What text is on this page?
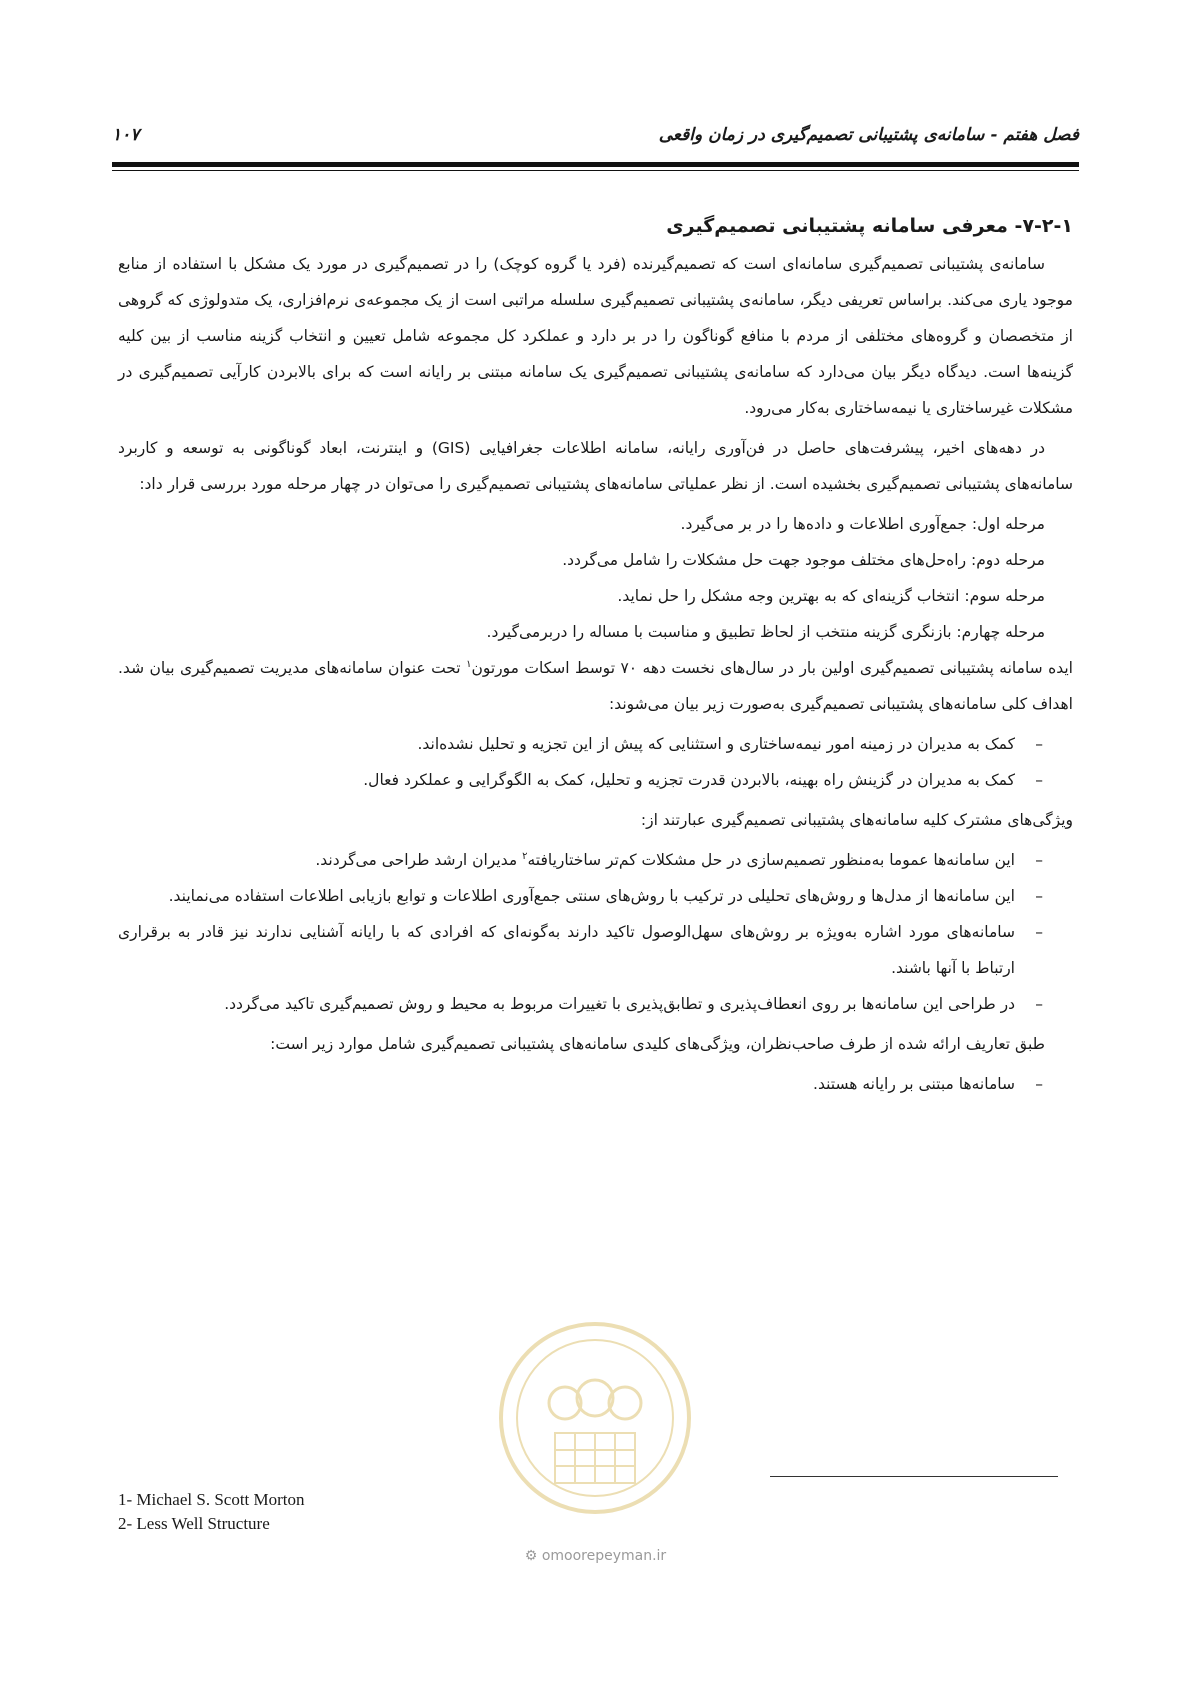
فصل هفتم - سامانه‌ی پشتیبانی تصمیم‌گیری در زمان واقعی
۱۰۷

۷-۲-۱- معرفی سامانه پشتیبانی تصمیم‌گیری

سامانه‌ی پشتیبانی تصمیم‌گیری سامانه‌ای است که تصمیم‌گیرنده (فرد یا گروه کوچک) را در تصمیم‌گیری در مورد یک مشکل با استفاده از منابع موجود یاری می‌کند. براساس تعریفی دیگر، سامانه‌ی پشتیبانی تصمیم‌گیری سلسله مراتبی است از یک مجموعه‌ی نرم‌افزاری، یک متدولوژی که گروهی از متخصصان و گروه‌های مختلفی از مردم با منافع گوناگون را در بر دارد و عملکرد کل مجموعه شامل تعیین و انتخاب گزینه مناسب از بین کلیه گزینه‌ها است. دیدگاه دیگر بیان می‌دارد که سامانه‌ی پشتیبانی تصمیم‌گیری یک سامانه مبتنی بر رایانه است که برای بالابردن کارآیی تصمیم‌گیری در مشکلات غیرساختاری یا نیمه‌ساختاری به‌کار می‌رود.

در دهه‌های اخیر، پیشرفت‌های حاصل در فن‌آوری رایانه، سامانه اطلاعات جغرافیایی (GIS) و اینترنت، ابعاد گوناگونی به توسعه و کاربرد سامانه‌های پشتیبانی تصمیم‌گیری بخشیده است. از نظر عملیاتی سامانه‌های پشتیبانی تصمیم‌گیری را می‌توان در چهار مرحله مورد بررسی قرار داد:

مرحله اول: جمع‌آوری اطلاعات و داده‌ها را در بر می‌گیرد.

مرحله دوم: راه‌حل‌های مختلف موجود جهت حل مشکلات را شامل می‌گردد.

مرحله سوم: انتخاب گزینه‌ای که به بهترین وجه مشکل را حل نماید.

مرحله چهارم: بازنگری گزینه منتخب از لحاظ تطبیق و مناسبت با مساله را دربرمی‌گیرد.

ایده سامانه پشتیبانی تصمیم‌گیری اولین بار در سال‌های نخست دهه ۷۰ توسط اسکات مورتون$^۱$ تحت عنوان سامانه‌های مدیریت تصمیم‌گیری بیان شد. اهداف کلی سامانه‌های پشتیبانی تصمیم‌گیری به‌صورت زیر بیان می‌شوند:

– کمک به مدیران در زمینه امور نیمه‌ساختاری و استثنایی که پیش از این تجزیه و تحلیل نشده‌اند.
– کمک به مدیران در گزینش راه بهینه، بالابردن قدرت تجزیه و تحلیل، کمک به الگوگرایی و عملکرد فعال.

ویژگی‌های مشترک کلیه سامانه‌های پشتیبانی تصمیم‌گیری عبارتند از:

– این سامانه‌ها عموما به‌منظور تصمیم‌سازی در حل مشکلات کم‌تر ساختاریافته$^۲$ مدیران ارشد طراحی می‌گردند.
– این سامانه‌ها از مدل‌ها و روش‌های تحلیلی در ترکیب با روش‌های سنتی جمع‌آوری اطلاعات و توابع بازیابی اطلاعات استفاده می‌نمایند.
– سامانه‌های مورد اشاره به‌ویژه بر روش‌های سهل‌الوصول تاکید دارند به‌گونه‌ای که افرادی که با رایانه آشنایی ندارند نیز قادر به برقراری ارتباط با آنها باشند.
– در طراحی این سامانه‌ها بر روی انعطاف‌پذیری و تطابق‌پذیری با تغییرات مربوط به محیط و روش تصمیم‌گیری تاکید می‌گردد.

طبق تعاریف ارائه شده از طرف صاحب‌نظران، ویژگی‌های کلیدی سامانه‌های پشتیبانی تصمیم‌گیری شامل موارد زیر است:

– سامانه‌ها مبتنی بر رایانه هستند.
1- Michael S. Scott Morton
2- Less Well Structure
⚙ omoorepeyman.ir
